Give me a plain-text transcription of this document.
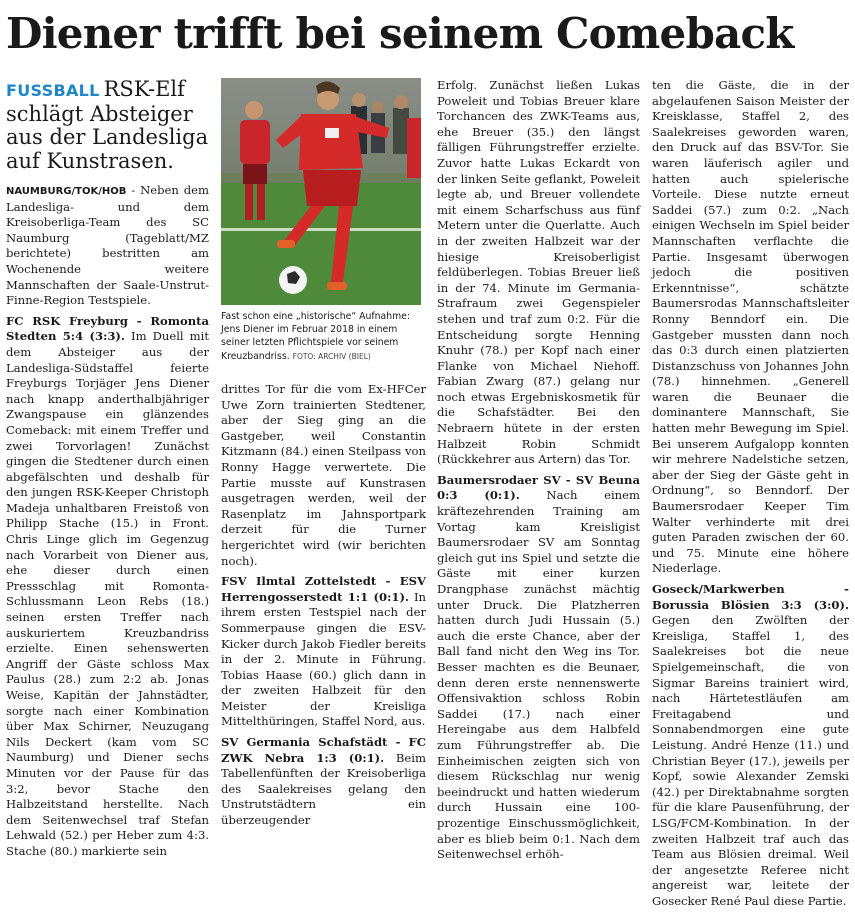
Diener trifft bei seinem Comeback
FUSSBALL RSK-Elf schlägt Absteiger aus der Landesliga auf Kunstrasen.

NAUMBURG/TOK/HOB - Neben dem Landesliga- und dem Kreisoberliga-Team des SC Naumburg (Tageblatt/MZ berichtete) bestritten am Wochenende weitere Mannschaften der Saale-Unstrut-Finne-Region Testspiele.

FC RSK Freyburg - Romonta Stedten 5:4 (3:3). Im Duell mit dem Absteiger aus der Landesliga-Südstaffel feierte Freyburgs Torjäger Jens Diener nach knapp anderthalbjähriger Zwangspause ein glänzendes Comeback: mit einem Treffer und zwei Torvorlagen! Zunächst gingen die Stedtener durch einen abgefälschten und deshalb für den jungen RSK-Keeper Christoph Madeja unhaltbaren Freistoß von Philipp Stache (15.) in Front. Chris Linge glich im Gegenzug nach Vorarbeit von Diener aus, ehe dieser durch einen Pressschlag mit Romonta-Schlussmann Leon Rebs (18.) seinen ersten Treffer nach auskuriertem Kreuzbandriss erzielte. Einen sehenswerten Angriff der Gäste schloss Max Paulus (28.) zum 2:2 ab. Jonas Weise, Kapitän der Jahnstädter, sorgte nach einer Kombination über Max Schirner, Neuzugang Nils Deckert (kam vom SC Naumburg) und Diener sechs Minuten vor der Pause für das 3:2, bevor Stache den Halbzeitstand herstellte. Nach dem Seitenwechsel traf Stefan Lehwald (52.) per Heber zum 4:3. Stache (80.) markierte sein

Fast schon eine „historische“ Aufnahme: Jens Diener im Februar 2018 in einem seiner letzten Pflichtspiele vor seinem Kreuzbandriss. FOTO: ARCHIV (BIEL)

drittes Tor für die vom Ex-HFCer Uwe Zorn trainierten Stedtener, aber der Sieg ging an die Gastgeber, weil Constantin Kitzmann (84.) einen Steilpass von Ronny Hagge verwertete. Die Partie musste auf Kunstrasen ausgetragen werden, weil der Rasenplatz im Jahnsportpark derzeit für die Turner hergerichtet wird (wir berichten noch).

FSV Ilmtal Zottelstedt - ESV Herrengosserstedt 1:1 (0:1). In ihrem ersten Testspiel nach der Sommerpause gingen die ESV-Kicker durch Jakob Fiedler bereits in der 2. Minute in Führung. Tobias Haase (60.) glich dann in der zweiten Halbzeit für den Meister der Kreisliga Mittelthüringen, Staffel Nord, aus.

SV Germania Schafstädt - FC ZWK Nebra 1:3 (0:1). Beim Tabellenfünften der Kreisoberliga des Saalekreises gelang den Unstrutstädtern ein überzeugender

Erfolg. Zunächst ließen Lukas Poweleit und Tobias Breuer klare Torchancen des ZWK-Teams aus, ehe Breuer (35.) den längst fälligen Führungstreffer erzielte. Zuvor hatte Lukas Eckardt von der linken Seite geflankt, Poweleit legte ab, und Breuer vollendete mit einem Scharfschuss aus fünf Metern unter die Querlatte. Auch in der zweiten Halbzeit war der hiesige Kreisoberligist feldüberlegen. Tobias Breuer ließ in der 74. Minute im Germania-Strafraum zwei Gegenspieler stehen und traf zum 0:2. Für die Entscheidung sorgte Henning Knuhr (78.) per Kopf nach einer Flanke von Michael Niehoff. Fabian Zwarg (87.) gelang nur noch etwas Ergebniskosmetik für die Schafstädter. Bei den Nebraern hütete in der ersten Halbzeit Robin Schmidt (Rückkehrer aus Artern) das Tor.

Baumersrodaer SV - SV Beuna 0:3 (0:1). Nach einem kräftezehrenden Training am Vortag kam Kreisligist Baumersrodaer SV am Sonntag gleich gut ins Spiel und setzte die Gäste mit einer kurzen Drangphase zunächst mächtig unter Druck. Die Platzherren hatten durch Judi Hussain (5.) auch die erste Chance, aber der Ball fand nicht den Weg ins Tor. Besser machten es die Beunaer, denn deren erste nennenswerte Offensivaktion schloss Robin Saddei (17.) nach einer Hereingabe aus dem Halbfeld zum Führungstreffer ab. Die Einheimischen zeigten sich von diesem Rückschlag nur wenig beeindruckt und hatten wiederum durch Hussain eine 100-prozentige Einschussmöglichkeit, aber es blieb beim 0:1. Nach dem Seitenwechsel erhöh-

ten die Gäste, die in der abgelaufenen Saison Meister der Kreisklasse, Staffel 2, des Saalekreises geworden waren, den Druck auf das BSV-Tor. Sie waren läuferisch agiler und hatten auch spielerische Vorteile. Diese nutzte erneut Saddei (57.) zum 0:2. „Nach einigen Wechseln im Spiel beider Mannschaften verflachte die Partie. Insgesamt überwogen jedoch die positiven Erkenntnisse“, schätzte Baumersrodas Mannschaftsleiter Ronny Benndorf ein. Die Gastgeber mussten dann noch das 0:3 durch einen platzierten Distanzschuss von Johannes John (78.) hinnehmen. „Generell waren die Beunaer die dominantere Mannschaft, Sie hatten mehr Bewegung im Spiel. Bei unserem Aufgalopp konnten wir mehrere Nadelstiche setzen, aber der Sieg der Gäste geht in Ordnung“, so Benndorf. Der Baumersrodaer Keeper Tim Walter verhinderte mit drei guten Paraden zwischen der 60. und 75. Minute eine höhere Niederlage.

Goseck/Markwerben - Borussia Blösien 3:3 (3:0). Gegen den Zwölften der Kreisliga, Staffel 1, des Saalekreises bot die neue Spielgemeinschaft, die von Sigmar Bareins trainiert wird, nach Härtetestläufen am Freitagabend und Sonnabendmorgen eine gute Leistung. André Henze (11.) und Christian Beyer (17.), jeweils per Kopf, sowie Alexander Zemski (42.) per Direktabnahme sorgten für die klare Pausenführung, der LSG/FCM-Kombination. In der zweiten Halbzeit traf auch das Team aus Blösien dreimal. Weil der angesetzte Referee nicht angereist war, leitete der Gosecker René Paul diese Partie.
